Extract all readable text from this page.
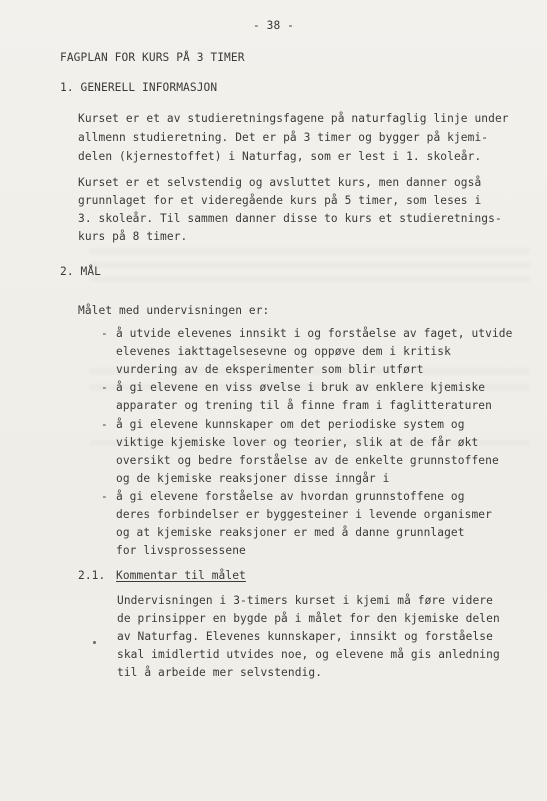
- 38 -
FAGPLAN FOR KURS PÅ 3 TIMER
1. GENERELL INFORMASJON
Kurset er et av studieretningsfagene på naturfaglig linje under
allmenn studieretning. Det er på 3 timer og bygger på kjemi-
delen (kjernestoffet) i Naturfag, som er lest i 1. skoleår.
Kurset er et selvstendig og avsluttet kurs, men danner også
grunnlaget for et videregående kurs på 5 timer, som leses i
3. skoleår. Til sammen danner disse to kurs et studieretnings-
kurs på 8 timer.
2. MÅL
Målet med undervisningen er:
- å utvide elevenes innsikt i og forståelse av faget, utvide
elevenes iakttagelsesevne og oppøve dem i kritisk
vurdering av de eksperimenter som blir utført
- å gi elevene en viss øvelse i bruk av enklere kjemiske
apparater og trening til å finne fram i faglitteraturen
- å gi elevene kunnskaper om det periodiske system og
viktige kjemiske lover og teorier, slik at de får økt
oversikt og bedre forståelse av de enkelte grunnstoffene
og de kjemiske reaksjoner disse inngår i
- å gi elevene forståelse av hvordan grunnstoffene og
deres forbindelser er byggesteiner i levende organismer
og at kjemiske reaksjoner er med å danne grunnlaget
for livsprossessene
2.1. Kommentar til målet
Undervisningen i 3-timers kurset i kjemi må føre videre
de prinsipper en bygde på i målet for den kjemiske delen
av Naturfag. Elevenes kunnskaper, innsikt og forståelse
skal imidlertid utvides noe, og elevene må gis anledning
til å arbeide mer selvstendig.
